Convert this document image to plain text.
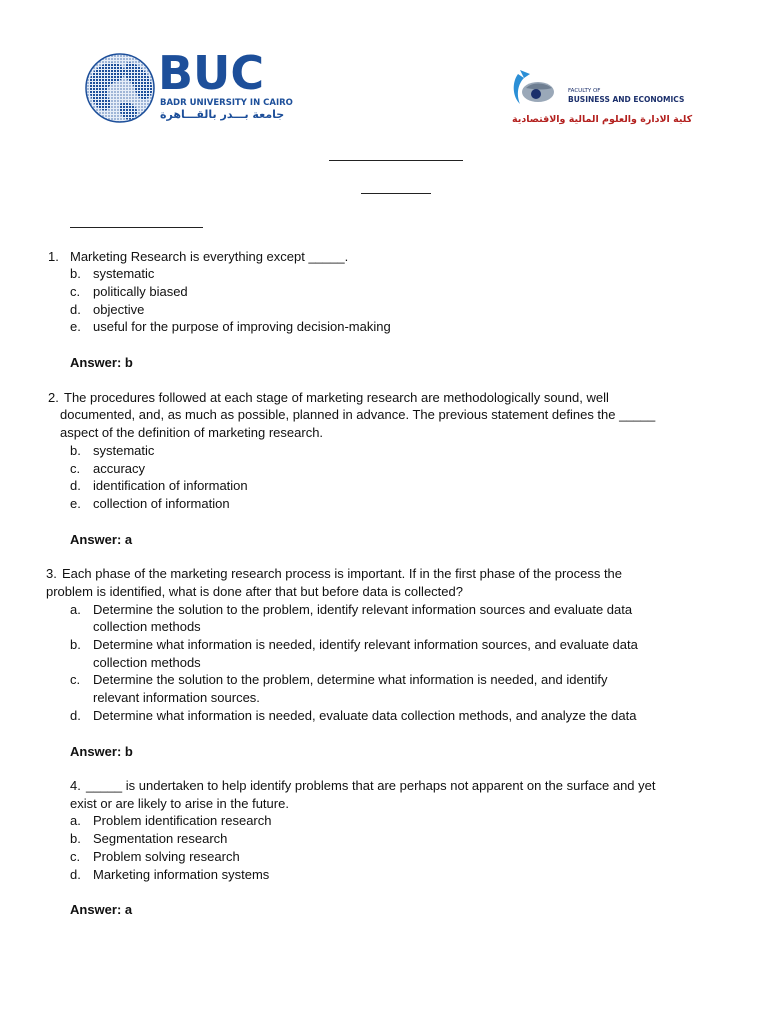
BUC
BADR UNIVERSITY IN CAIRO
جامعة بـــدر بالقـــاهرة
FACULTY OF
BUSINESS AND ECONOMICS
كلية الادارة والعلوم المالية والاقتصادية
1. Marketing Research is everything except _____.
b. systematic
c. politically biased
d. objective
e. useful for the purpose of improving decision-making
Answer: b
2. The procedures followed at each stage of marketing research are methodologically sound, well
documented, and, as much as possible, planned in advance. The previous statement defines the _____
aspect of the definition of marketing research.
b. systematic
c. accuracy
d. identification of information
e. collection of information
Answer: a
3. Each phase of the marketing research process is important. If in the first phase of the process the
problem is identified, what is done after that but before data is collected?
a. Determine the solution to the problem, identify relevant information sources and evaluate data
collection methods
b. Determine what information is needed, identify relevant information sources, and evaluate data
collection methods
c. Determine the solution to the problem, determine what information is needed, and identify
relevant information sources.
d. Determine what information is needed, evaluate data collection methods, and analyze the data
Answer: b
4. _____ is undertaken to help identify problems that are perhaps not apparent on the surface and yet
exist or are likely to arise in the future.
a. Problem identification research
b. Segmentation research
c. Problem solving research
d. Marketing information systems
Answer: a
